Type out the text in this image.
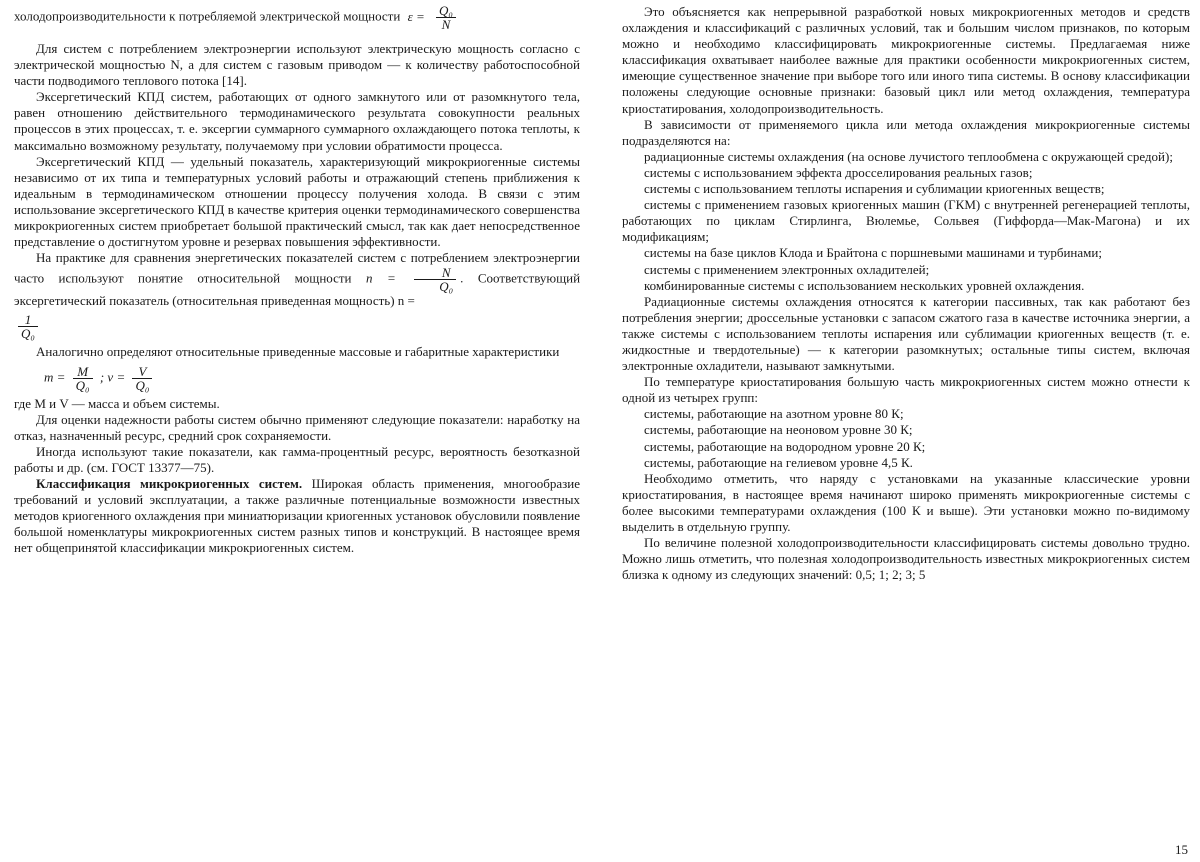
холодопроизводительности к потребляемой электрической мощности $\varepsilon = \frac{\text{Q₀}}{N}$

Для систем с потреблением электроэнергии используют электрическую мощность согласно с электрической мощностью N, а для систем с газовым приводом — к количеству работоспособной части подводимого теплового потока [14].

Эксергетический КПД систем, работающих от одного замкнутого или от разомкнутого тела, равен отношению действительного термодинамического результата совокупности реальных процессов в этих процессах, т. е. эксергии суммарного суммарного охлаждающего потока теплоты, к максимально возможному результату, получаемому при условии обратимости процесса.

Эксергетический КПД — удельный показатель, характеризующий микрокриогенные системы независимо от их типа и температурных условий работы и отражающий степень приближения к идеальным в термодинамическом отношении процессу получения холода. В связи с этим использование эксергетического КПД в качестве критерия оценки термодинамического совершенства микрокриогенных систем приобретает большой практический смысл, так как дает непосредственное представление о достигнутом уровне и резервах повышения эффективности.

На практике для сравнения энергетических показателей систем с потреблением электроэнергии часто используют понятие относительной мощности $n = \frac{N}{\text{Q₀}}$ . Соответствующий эксергетический показатель (относительная приведенная мощность) n =

$\frac{1}{\text{Q₀}}$

Аналогично определяют относительные приведенные массовые и габаритные характеристики

$m = \frac{M}{\text{Q₀}}$ ; $v = \frac{V}{\text{Q₀}}$

где M и V — масса и объем системы.

Для оценки надежности работы систем обычно применяют следующие показатели: наработку на отказ, назначенный ресурс, средний срок сохраняемости.

Иногда используют такие показатели, как гамма-процентный ресурс, вероятность безотказной работы и др. (см. ГОСТ 13377—75).

Классификация микрокриогенных систем. Широкая область применения, многообразие требований и условий эксплуатации, а также различные потенциальные возможности известных методов криогенного охлаждения при миниатюризации криогенных установок обусловили появление большой номенклатуры микрокриогенных систем разных типов и конструкций. В настоящее время нет общепринятой классификации микрокриогенных систем.

Это объясняется как непрерывной разработкой новых микрокриогенных методов и средств охлаждения и классификаций с различных условий, так и большим числом признаков, по которым можно и необходимо классифицировать микрокриогенные системы. Предлагаемая ниже классификация охватывает наиболее важные для практики особенности микрокриогенных систем, имеющие существенное значение при выборе того или иного типа системы. В основу классификации положены следующие основные признаки: базовый цикл или метод охлаждения, температура криостатирования, холодопроизводительность.

В зависимости от применяемого цикла или метода охлаждения микрокриогенные системы подразделяются на:

радиационные системы охлаждения (на основе лучистого теплообмена с окружающей средой);

системы с использованием эффекта дросселирования реальных газов;

системы с использованием теплоты испарения и сублимации криогенных веществ;

системы с применением газовых криогенных машин (ГКМ) с внутренней регенерацией теплоты, работающих по циклам Стирлинга, Вюлемье, Сольвея (Гиффорда—Мак-Магона) и их модификациям;

системы на базе циклов Клода и Брайтона с поршневыми машинами и турбинами;

системы с применением электронных охладителей;

комбинированные системы с использованием нескольких уровней охлаждения.

Радиационные системы охлаждения относятся к категории пассивных, так как работают без потребления энергии; дроссельные установки с запасом сжатого газа в качестве источника энергии, а также системы с использованием теплоты испарения или сублимации криогенных веществ (т. е. жидкостные и твердотельные) — к категории разомкнутых; остальные типы систем, включая электронные охладители, называют замкнутыми.

По температуре криостатирования большую часть микрокриогенных систем можно отнести к одной из четырех групп:

системы, работающие на азотном уровне 80 К;

системы, работающие на неоновом уровне 30 К;

системы, работающие на водородном уровне 20 К;

системы, работающие на гелиевом уровне 4,5 К.

Необходимо отметить, что наряду с установками на указанные классические уровни криостатирования, в настоящее время начинают широко применять микрокриогенные системы с более высокими температурами охлаждения (100 К и выше). Эти установки можно по-видимому выделить в отдельную группу.

По величине полезной холодопроизводительности классифицировать системы довольно трудно. Можно лишь отметить, что полезная холодопроизводительность известных микрокриогенных систем близка к одному из следующих значений: 0,5; 1; 2; 3; 5

15
